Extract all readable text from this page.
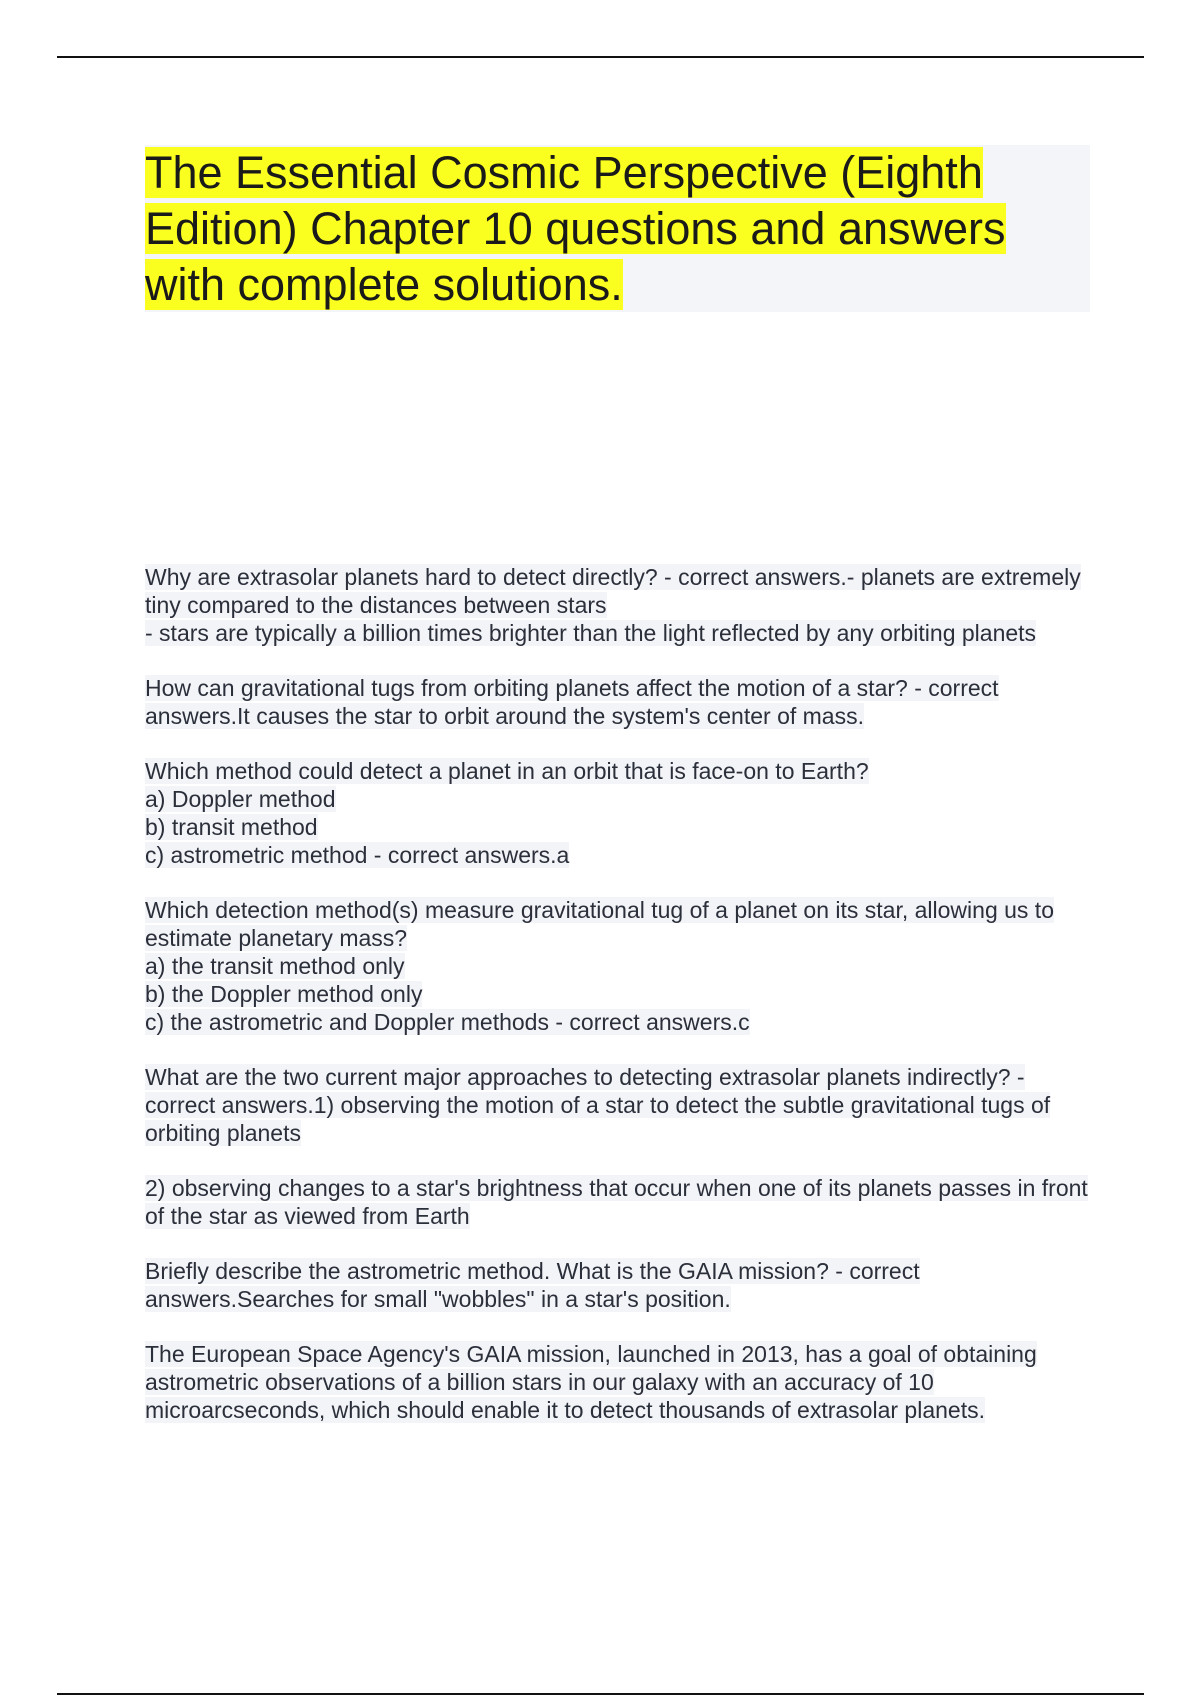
The Essential Cosmic Perspective (Eighth Edition) Chapter 10 questions and answers with complete solutions.

Why are extrasolar planets hard to detect directly? - correct answers.- planets are extremely tiny compared to the distances between stars
- stars are typically a billion times brighter than the light reflected by any orbiting planets

How can gravitational tugs from orbiting planets affect the motion of a star? - correct answers.It causes the star to orbit around the system's center of mass.

Which method could detect a planet in an orbit that is face-on to Earth?
a) Doppler method
b) transit method
c) astrometric method - correct answers.a

Which detection method(s) measure gravitational tug of a planet on its star, allowing us to estimate planetary mass?
a) the transit method only
b) the Doppler method only
c) the astrometric and Doppler methods - correct answers.c

What are the two current major approaches to detecting extrasolar planets indirectly? - correct answers.1) observing the motion of a star to detect the subtle gravitational tugs of orbiting planets

2) observing changes to a star's brightness that occur when one of its planets passes in front of the star as viewed from Earth

Briefly describe the astrometric method. What is the GAIA mission? - correct answers.Searches for small "wobbles" in a star's position.

The European Space Agency's GAIA mission, launched in 2013, has a goal of obtaining astrometric observations of a billion stars in our galaxy with an accuracy of 10 microarcseconds, which should enable it to detect thousands of extrasolar planets.
